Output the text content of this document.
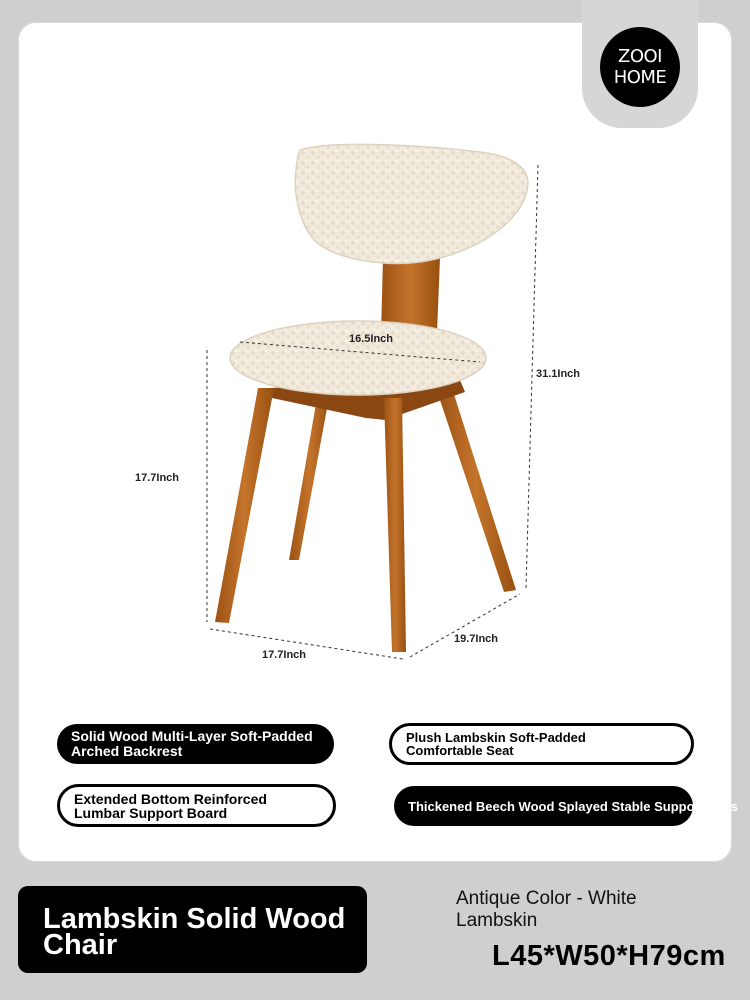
ZOOI
HOME
16.5Inch
31.1Inch
17.7Inch
17.7Inch
19.7Inch
Solid Wood Multi-Layer Soft-Padded
Arched Backrest
Plush Lambskin Soft-Padded
Comfortable Seat
Extended Bottom Reinforced
Lumbar Support Board	Thickened Beech Wood Splayed Stable Support Legs
Lambskin Solid Wood
Chair
Antique Color - White
Lambskin
L45*W50*H79cm
